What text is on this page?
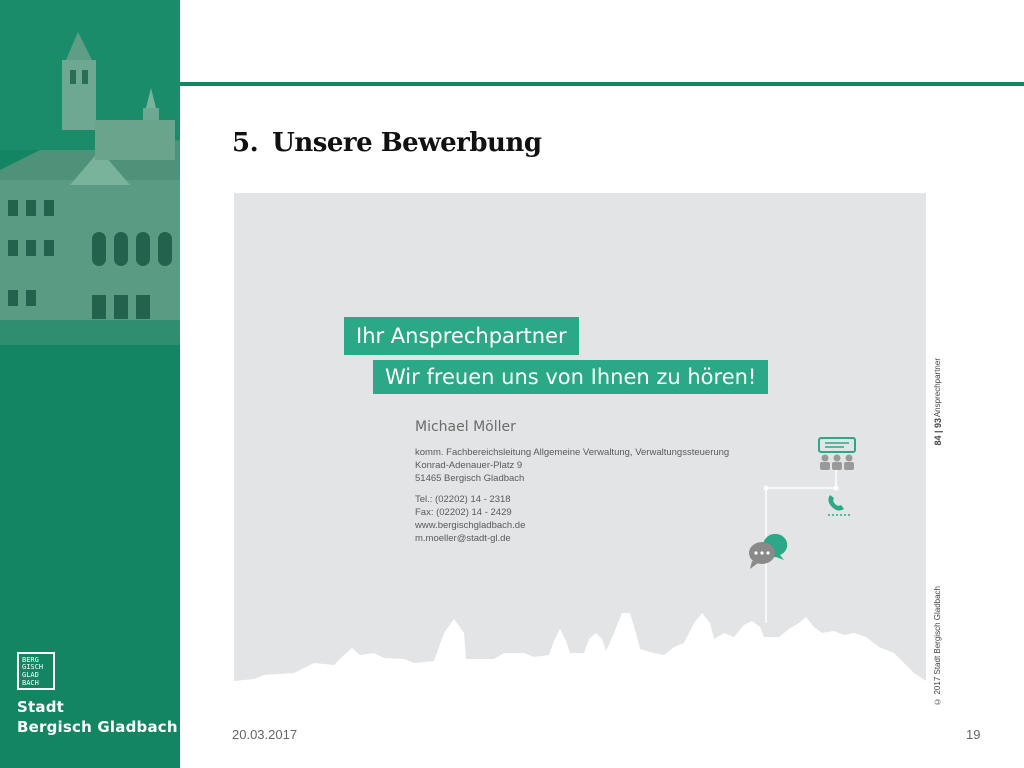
BERG
GISCH
GLAD
BACH
Stadt
Bergisch Gladbach
5. Unsere Bewerbung
Ihr Ansprechpartner
Wir freuen uns von Ihnen zu hören!
Michael Möller
komm. Fachbereichsleitung Allgemeine Verwaltung, Verwaltungssteuerung
Konrad-Adenauer-Platz 9
51465 Bergisch Gladbach
Tel.: (02202) 14 - 2318
Fax: (02202) 14 - 2429
www.bergischgladbach.de
m.moeller@stadt-gl.de
Ansprechpartner
84 | 93
© 2017 Stadt Bergisch Gladbach
20.03.2017	19
